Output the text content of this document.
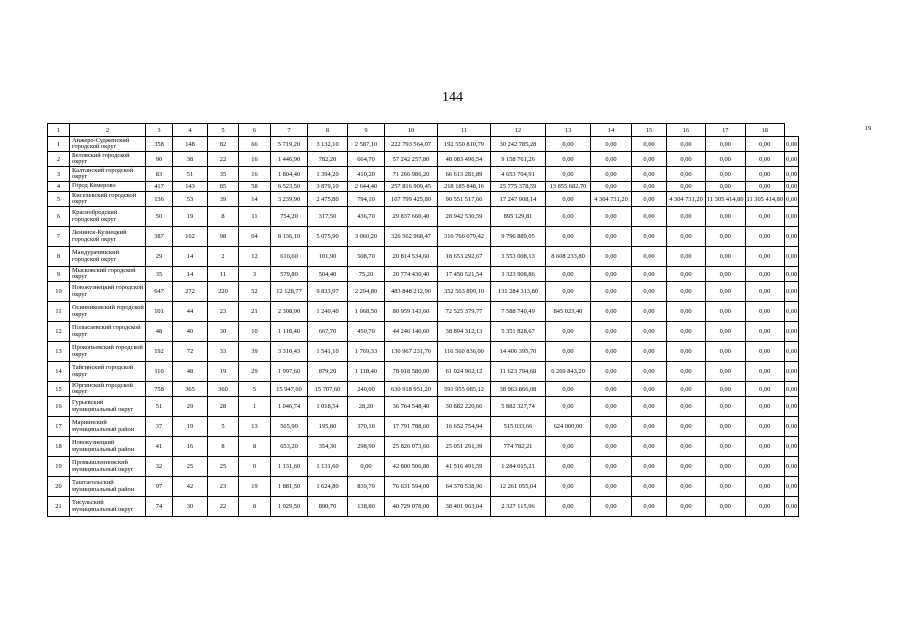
144
1	2	3	4	5	6	7	8	9	10	11	12	13	14	15	16	17	18	
1	Анжеро-Судженский городской округ	358	148	82	66	5 719,20	3 132,10	2 587,10	222 793 564,07	192 550 810,79	30 242 785,28	0,00	0,00	0,00	0,00	0,00	0,00	0,00
2	Беловский городской округ	90	38	22	16	1 446,90	782,20	664,70	57 242 257,80	48 083 496,54	9 158 761,26	0,00	0,00	0,00	0,00	0,00	0,00	0,00
3	Калтанский городской округ	83	51	35	16	1 804,40	1 394,20	410,20	71 266 986,20	66 613 281,89	4 653 704,91	0,00	0,00	0,00	0,00	0,00	0,00	0,00
4	Город Кемерово	417	143	85	58	6 523,50	3 879,10	2 644,40	257 816 909,45	218 185 848,16	25 775 378,59	13 855 682,70	0,00	0,00	0,00	0,00	0,00	0,00
5	Киселевский городской округ	136	53	39	14	3 239,90	2 475,80	794,10	107 799 425,80	90 551 517,66	17 247 908,14	0,00	4 304 731,20	0,00	4 304 731,20	11 305 414,80	11 305 414,80	0,00
6	Краснобродский городской округ	50	19	8	11	754,20	317,50	436,70	29 837 660,40	28 942 530,59	895 129,81	0,00	0,00	0,00	0,00	0,00	0,00	0,00
7	Ленинск-Кузнецкий городской округ	387	162	98	64	8 136,10	5 075,90	3 060,20	326 562 968,47	316 766 079,42	9 796 889,05	0,00	0,00	0,00	0,00	0,00	0,00	0,00
8	Мандурачинский городской округ	29	14	2	12	610,60	101,90	508,70	20 814 534,60	18 653 292,67	3 553 008,13	8 608 233,80	0,00	0,00	0,00	0,00	0,00	0,00
9	Мысковский городской округ	35	14	11	3	579,80	504,40	75,20	20 774 430,40	17 450 521,54	3 323 908,86	0,00	0,00	0,00	0,00	0,00	0,00	0,00
10	Новокузнецкий городской округ	647	272	220	52	12 128,77	9 833,97	2 294,80	483 848 212,90	352 563 899,10	131 284 313,80	0,00	0,00	0,00	0,00	0,00	0,00	0,00
11	Осинниковский городской округ	101	44	23	21	2 308,90	1 240,40	1 068,50	80 959 143,60	72 525 379,77	7 588 740,49	845 023,40	0,00	0,00	0,00	0,00	0,00	0,00
12	Полысаевский городской округ	48	40	30	10	1 118,40	667,70	450,70	44 246 140,60	38 894 312,13	5 351 828,67	0,00	0,00	0,00	0,00	0,00	0,00	0,00
13	Прокопьевский городской округ	192	72	33	39	3 310,43	1 541,10	1 769,33	130 967 231,70	116 560 836,00	14 406 395,70	0,00	0,00	0,00	0,00	0,00	0,00	0,00
14	Тайгинский городской округ	110	48	19	29	1 997,60	879,20	1 118,40	78 918 580,00	61 024 962,12	11 623 794,68	6 269 843,20	0,00	0,00	0,00	0,00	0,00	0,00
15	Юргинский городской округ	758	365	360	5	15 947,60	15 707,60	240,00	630 918 951,20	591 955 085,12	38 963 866,08	0,00	0,00	0,00	0,00	0,00	0,00	0,00
16	Гурьевский муниципальный округ	51	29	28	1	1 046,74	1 018,54	28,20	36 764 548,40	30 882 220,66	5 882 327,74	0,00	0,00	0,00	0,00	0,00	0,00	0,00
17	Мариинский муниципальный район	37	19	5	13	565,90	195,80	370,10	17 791 788,60	16 652 754,94	515 033,66	624 000,00	0,00	0,00	0,00	0,00	0,00	0,00
18	Новокузнецкий муниципальный район	41	16	8	8	653,20	354,30	298,90	25 826 073,60	25 051 291,39	774 782,21	0,00	0,00	0,00	0,00	0,00	0,00	0,00
19	Промышленновский муниципальный округ	32	25	25	0	1 131,60	1 131,60	0,00	42 800 506,80	41 516 491,59	1 284 015,21	0,00	0,00	0,00	0,00	0,00	0,00	0,00
20	Таштагольский муниципальный район	97	42	23	19	1 881,50	1 624,80	839,70	76 631 594,00	64 370 538,96	12 261 055,04	0,00	0,00	0,00	0,00	0,00	0,00	0,00
21	Тисульский муниципальный округ	74	30	22	8	1 029,50	890,70	138,80	40 729 078,00	38 401 963,04	2 327 115,96	0,00	0,00	0,00	0,00	0,00	0,00	0,00
19
